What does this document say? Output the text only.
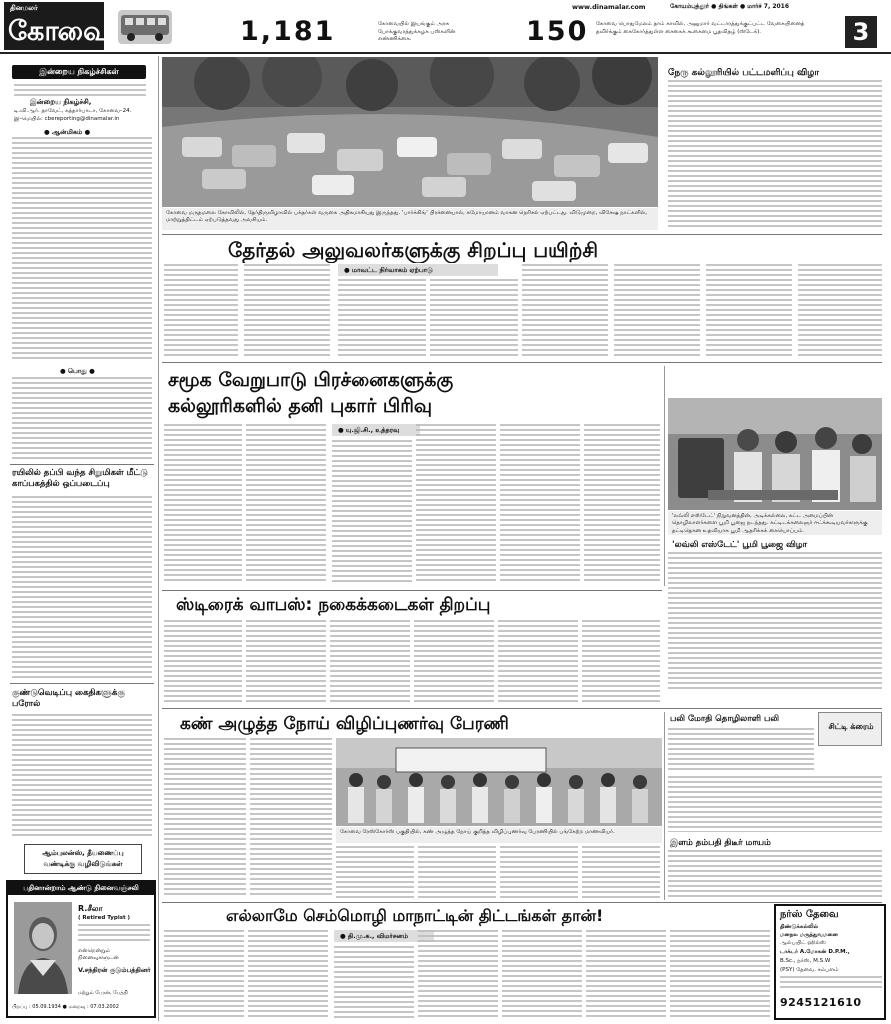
தினமலர்
கோவை	1,181	கோவையில் இயங்கும் அரசு போக்குவரத்துக்கழக பஸ்களின் எண்ணிக்கை.	150 கோவை பொதுமேலம் தாம் காவில், அனுமார் வட்டாரத்துக்குட்பட்ட வேகையினைத் தவிர்க்கும் கைகோர்த்துள்ள சைகைக் கூகைமை பூதவிதழ் (ஸ்டேக்).
www.dinamalar.com	கோயம்புத்தூர் ● திங்கள் ● மார்ச் 7, 2016
3
இன்றைய நிகழ்ச்சிகள்
இன்றைய நிகழ்ச்சி,
டி.வி.ஆர். தாவேட், கத்தார்பாடா, கோவை–24.
இ–மெயில்: cbereporting@dinamalar.in
● ஆன்மிகம் ●
● பொது ●
ரயிலில் தப்பி வந்த சிறுமிகள் மீட்டு காப்பகத்தில் ஒப்படைப்பு
குண்டுவெடிப்பு கைதிகளுக்கு பரோல்
ஆம்புலன்ஸ், தீயணைப்பு
வண்டிக்கு வழிவிடுங்கள்
பதினான்றாம் ஆண்டு நினைவஞ்சலி
R.சீலா
( Retired Typist )
என்றென்றும் நினைவுகளுடன்
V.சந்திரன் குடும்பத்தினர்
மற்றும் பேரன், பேத்தி
பிறப்பு : 05.09.1934 ● மறைவு : 07.03.2002
கோவை மருதமலை கோவிலில், தேர்திருவிழாவில் பக்தர்கள் வருகை அதிகமாகியது இருந்தது. 'பார்க்கிங்' பிரச்னையால், சுமோயானம் வாகன நெரிசல் ஏற்பட்டது. விடுமுறை, விசேஷ நாட்களில், மாற்றுத்திட்டம் ஏற்படுத்தவது அவசியம்.
நேரு கல்லூரியில் பட்டமளிப்பு விழா
தேர்தல் அலுவலர்களுக்கு சிறப்பு பயிற்சி
● மாவட்ட நிர்வாகம் ஏற்பாடு
சமூக வேறுபாடு பிரச்னைகளுக்கு
கல்லூரிகளில் தனி புகார் பிரிவு
● யு.ஜி.சி., உத்தரவு
'லவ்லி எஸ்டேட்' நிறுவனத்தின், அடிக்கல்லை, கட்ட அமைப்பின் தொழிலாளர்களை பூமி பூஜை நடந்தது. கட்டிடக்கலைஞர் ஈட்க்கூடியவர்களுக்கு தட்டிதெகன உதவியாக பூமி ஆதரிக்கக் கையொப்பம்.
'லவ்லி எஸ்டேட்' பூமி பூஜை விழா
ஸ்டிரைக் வாபஸ்: நகைக்கடைகள் திறப்பு
கண் அழுத்த நோய் விழிப்புணர்வு பேரணி
கோவை ரேஸ்கோர்ஸ் பகுதியில், கண் அழுத்த நோய் குறித்த விழிப்புணர்வு பேரணியில் பங்கேற்ற மாணவியர்.
பலி மோதி தொழிலாளி பலி
சிட்டி க்ரைம்
இளம் தம்பதி திடீர் மாயம்
எல்லாமே செம்மொழி மாநாட்டின் திட்டங்கள் தான்!
● தி.மு.க., விமர்சனம்
நர்ஸ் தேவை
திண்டுக்கல்லில்
மனநல மருத்துவமனை
ஆல்பயிட் ஹில்ஸ்
டாக்டர் A.மோகன் D.P.M.,
B.Sc., நர்ஸ், M.S.W
(PSY) தேவை. சம்பளம்
9245121610
